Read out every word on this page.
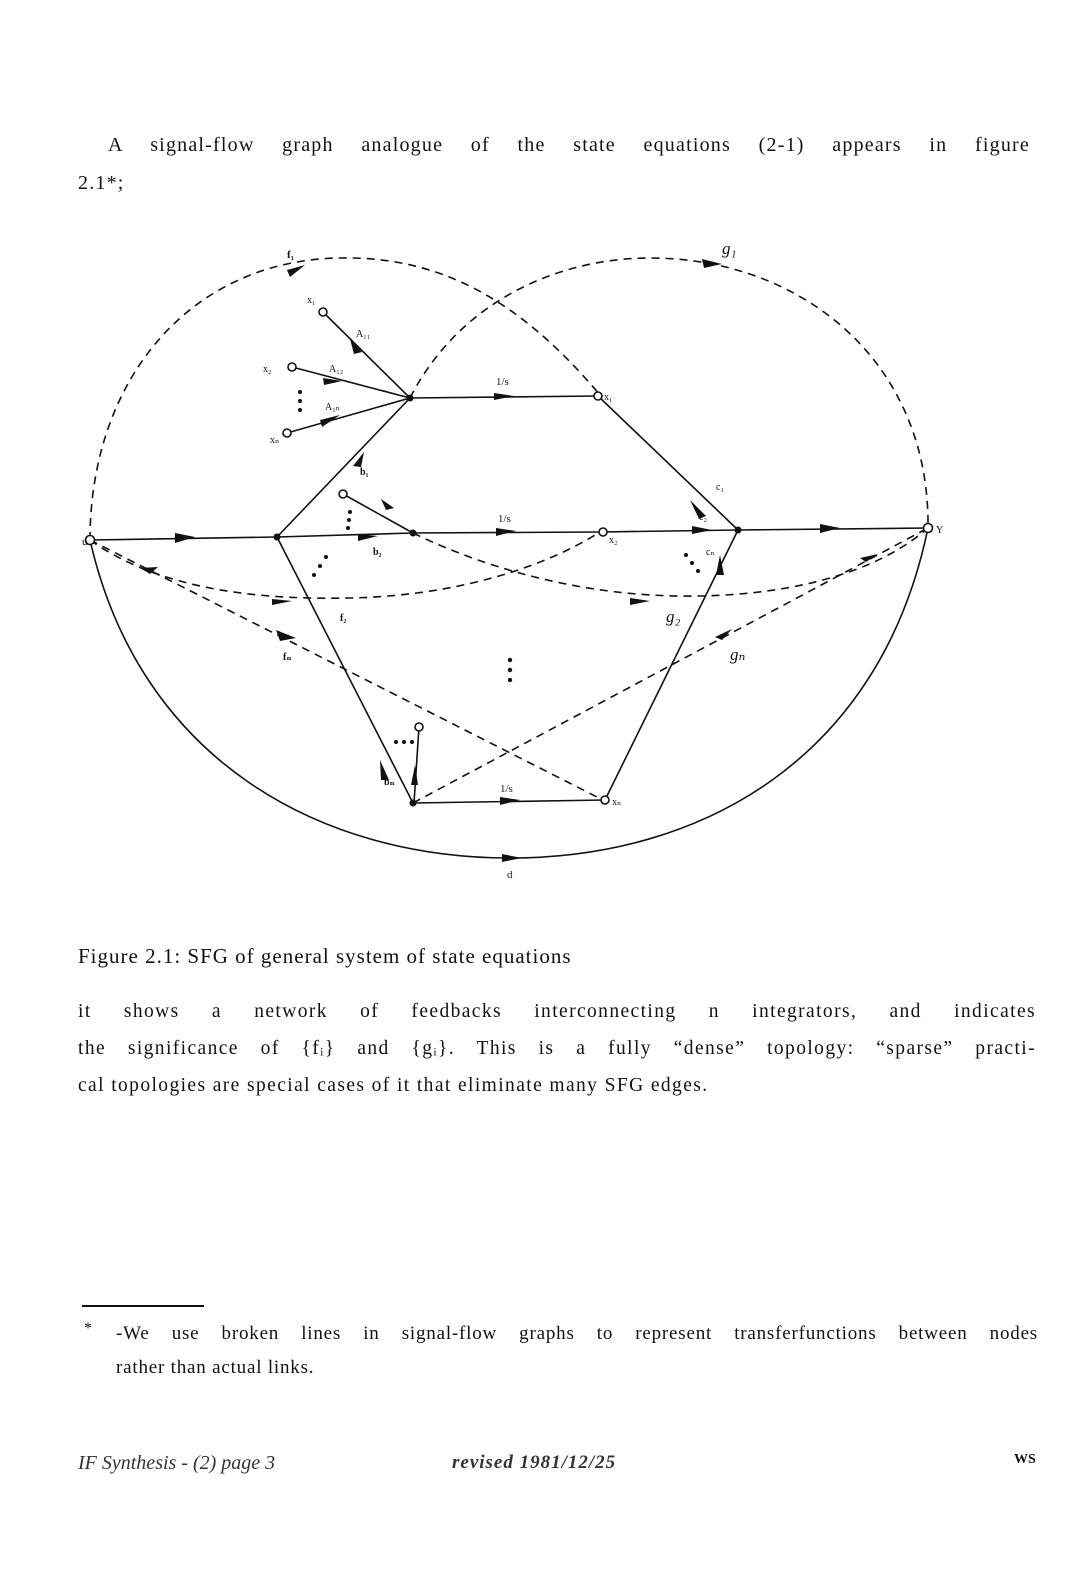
A signal-flow graph analogue of the state equations (2-1) appears in figure
2.1*;
u
Y
x₁
x₂
xₙ
x₁
x₂
xₙ
A₁₁
A₁₂
A₁ₙ
1/s
1/s
1/s
b₁
b₂
bₙ
c₁
c₂
cₙ
f₁
f₂
fₙ
g₁
g₂
gₙ
d
Figure 2.1: SFG of general system of state equations
it shows a network of feedbacks interconnecting n integrators, and indicates
the significance of {fᵢ} and {gᵢ}. This is a fully “dense” topology: “sparse” practi-
cal topologies are special cases of it that eliminate many SFG edges.
* -We use broken lines in signal-flow graphs to represent transferfunctions between nodes
rather than actual links.
IF Synthesis - (2) page 3	revised 1981/12/25	WS
